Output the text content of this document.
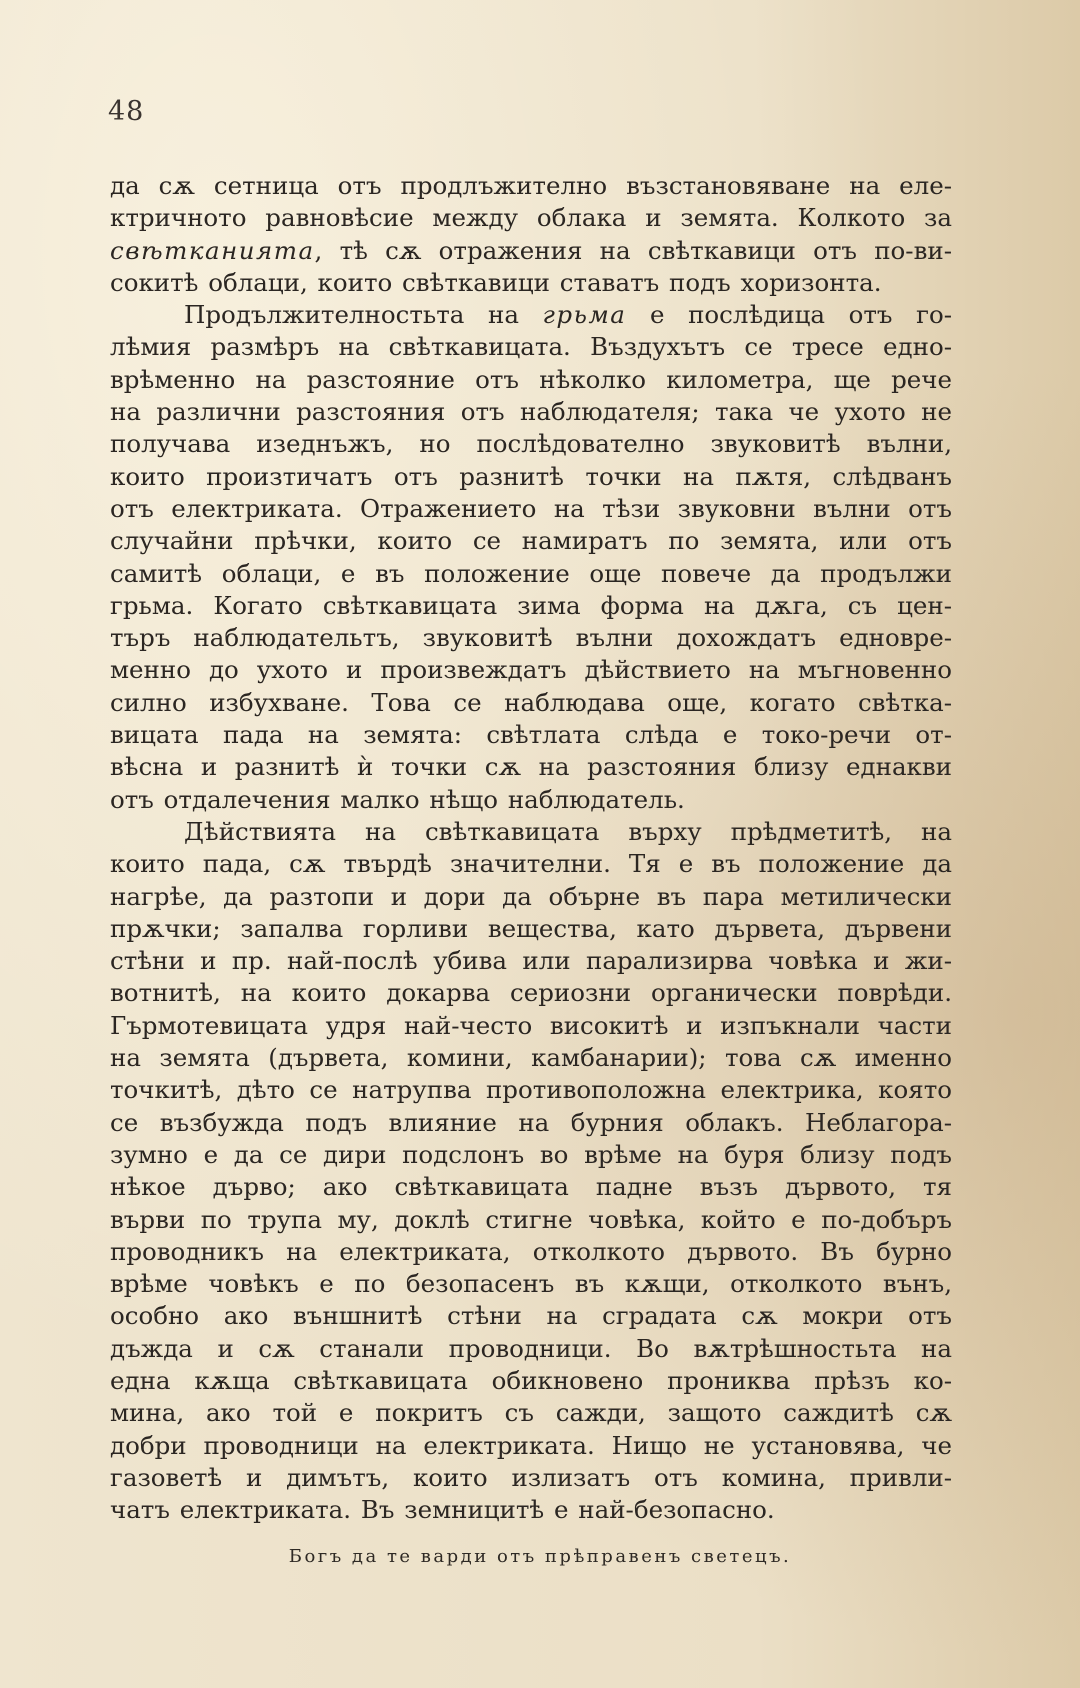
48
да сѫ сетница отъ продлъжително възстановяване на еле-
ктричното равновѣсие между облака и земята. Колкото за
свѣтканията, тѣ сѫ отражения на свѣткавици отъ по-ви-
сокитѣ облаци, които свѣткавици ставатъ подъ хоризонта.
Продължителностьта на грьма е послѣдица отъ го-
лѣмия размѣръ на свѣткавицата. Въздухътъ се тресе едно-
врѣменно на разстояние отъ нѣколко километра, ще рече
на различни разстояния отъ наблюдателя; така че ухото не
получава изеднъжъ, но послѣдователно звуковитѣ вълни,
които произтичатъ отъ разнитѣ точки на пѫтя, слѣдванъ
отъ електриката. Отражението на тѣзи звуковни вълни отъ
случайни прѣчки, които се намиратъ по земята, или отъ
самитѣ облаци, е въ положение още повече да продължи
грьма. Когато свѣткавицата зима форма на дѫга, съ цен-
търъ наблюдательтъ, звуковитѣ вълни дохождатъ едновре-
менно до ухото и произвеждатъ дѣйствието на мъгновенно
силно избухване. Това се наблюдава още, когато свѣтка-
вицата пада на земята: свѣтлата слѣда е токо-речи от-
вѣсна и разнитѣ ѝ точки сѫ на разстояния близу еднакви
отъ отдалечения малко нѣщо наблюдатель.
Дѣйствията на свѣткавицата върху прѣдметитѣ, на
които пада, сѫ твърдѣ значителни. Тя е въ положение да
нагрѣе, да разтопи и дори да обърне въ пара метилически
прѫчки; запалва горливи вещества, като дървета, дървени
стѣни и пр. най-послѣ убива или парализирва човѣка и жи-
вотнитѣ, на които докарва сериозни органически поврѣди.
Гърмотевицата удря най-често високитѣ и изпъкнали части
на земята (дървета, комини, камбанарии); това сѫ именно
точкитѣ, дѣто се натрупва противоположна електрика, която
се възбужда подъ влияние на бурния облакъ. Неблагора-
зумно е да се дири подслонъ во врѣме на буря близу подъ
нѣкое дърво; ако свѣткавицата падне възъ дървото, тя
върви по трупа му, доклѣ стигне човѣка, който е по-добъръ
проводникъ на електриката, отколкото дървото. Въ бурно
врѣме човѣкъ е по безопасенъ въ кѫщи, отколкото вънъ,
особно ако външнитѣ стѣни на сградата сѫ мокри отъ
дъжда и сѫ станали проводници. Во вѫтрѣшностьта на
една кѫща свѣткавицата обикновено прониква прѣзъ ко-
мина, ако той е покритъ съ сажди, защото саждитѣ сѫ
добри проводници на електриката. Нищо не установява, че
газоветѣ и димътъ, които излизатъ отъ комина, привли-
чатъ електриката. Въ земницитѣ е най-безопасно.
Богъ да те варди отъ прѣправенъ светецъ.
